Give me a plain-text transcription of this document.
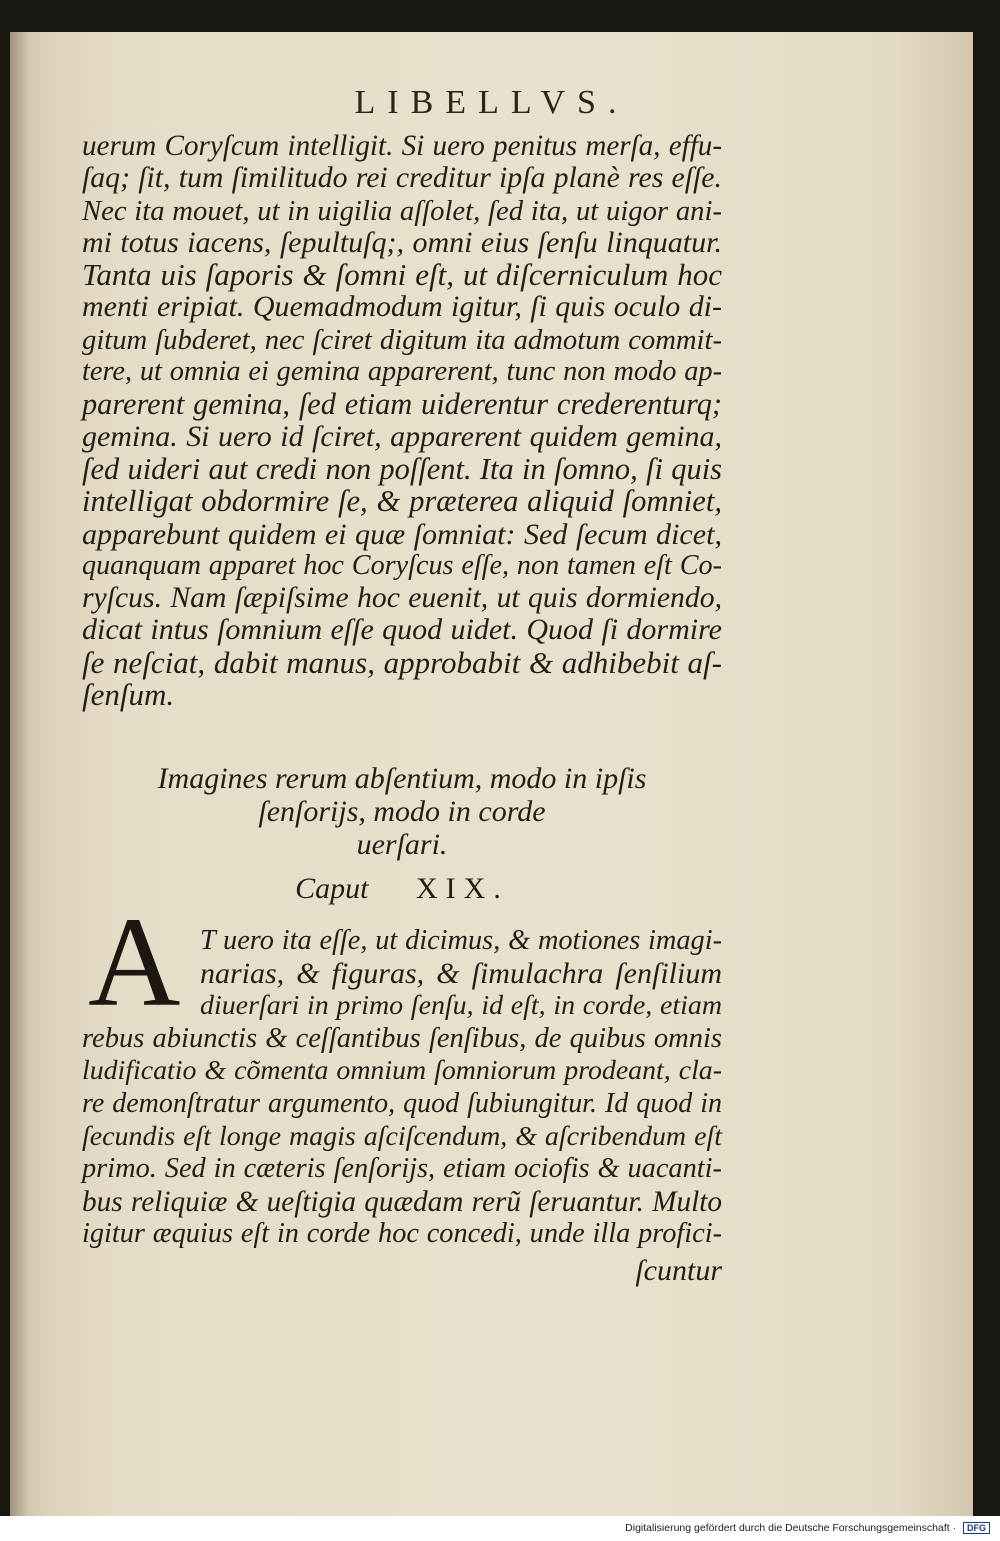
LIBELLVS.
uerum Coryſcum intelligit. Si uero penitus merſa, effu-
ſaq; ſit, tum ſimilitudo rei creditur ipſa planè res eſſe.
Nec ita mouet, ut in uigilia aſſolet, ſed ita, ut uigor ani-
mi totus iacens, ſepultuſq;, omni eius ſenſu linquatur.
Tanta uis ſaporis & ſomni eſt, ut diſcerniculum hoc
menti eripiat. Quemadmodum igitur, ſi quis oculo di-
gitum ſubderet, nec ſciret digitum ita admotum commit-
tere, ut omnia ei gemina apparerent, tunc non modo ap-
parerent gemina, ſed etiam uiderentur crederenturq;
gemina. Si uero id ſciret, apparerent quidem gemina,
ſed uideri aut credi non poſſent. Ita in ſomno, ſi quis
intelligat obdormire ſe, & præterea aliquid ſomniet,
apparebunt quidem ei quæ ſomniat: Sed ſecum dicet,
quanquam apparet hoc Coryſcus eſſe, non tamen eſt Co-
ryſcus. Nam ſæpiſsime hoc euenit, ut quis dormiendo,
dicat intus ſomnium eſſe quod uidet. Quod ſi dormire
ſe neſciat, dabit manus, approbabit & adhibebit aſ-
ſenſum.
Imagines rerum abſentium, modo in ipſis
ſenſorijs, modo in corde
uerſari.
Caput XIX.
A T uero ita eſſe, ut dicimus, & motiones imagi-
narias, & figuras, & ſimulachra ſenſilium
diuerſari in primo ſenſu, id eſt, in corde, etiam
rebus abiunctis & ceſſantibus ſenſibus, de quibus omnis
ludificatio & cõmenta omnium ſomniorum prodeant, cla-
re demonſtratur argumento, quod ſubiungitur. Id quod in
ſecundis eſt longe magis aſciſcendum, & aſcribendum eſt
primo. Sed in cæteris ſenſorijs, etiam ociofis & uacanti-
bus reliquiæ & ueſtigia quædam rerũ ſeruantur. Multo
igitur æquius eſt in corde hoc concedi, unde illa profici-
ſcuntur
Digitalisierung gefördert durch die Deutsche Forschungsgemeinschaft · DFG
